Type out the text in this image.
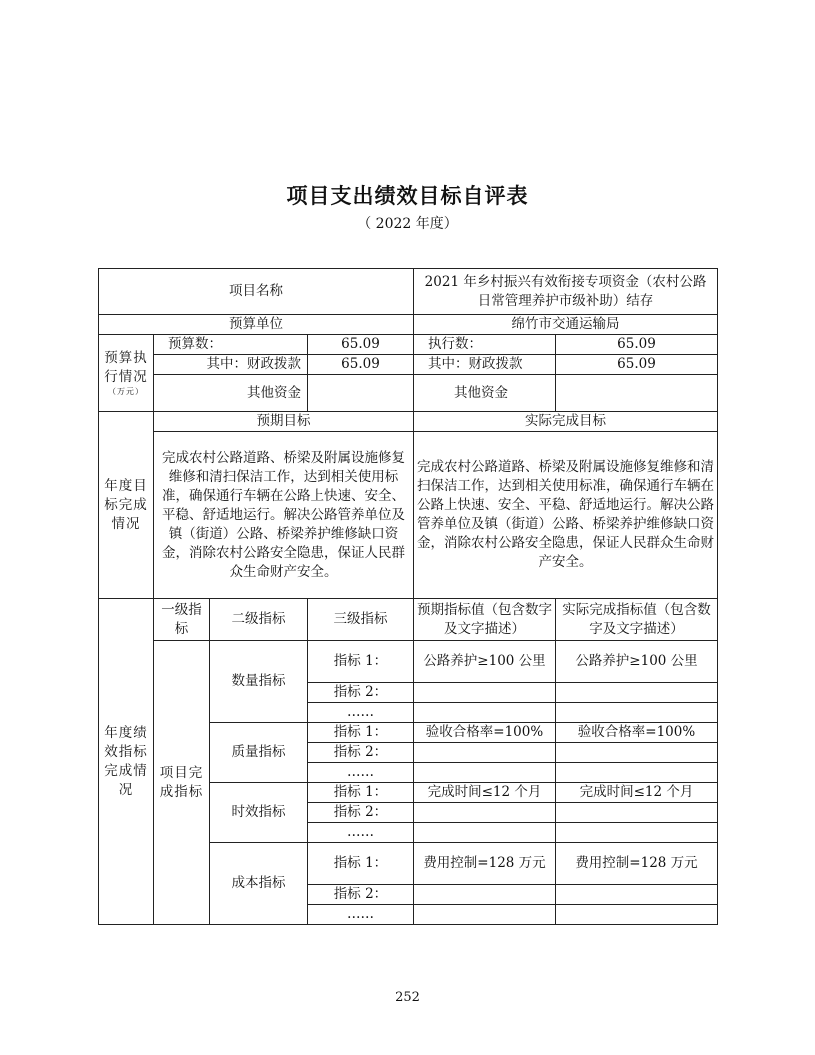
项目支出绩效目标自评表
（ 2022 年度）
项目名称				2021 年乡村振兴有效衔接专项资金（农村公路日常管理养护市级补助）结存	
预算单位				绵竹市交通运输局	
预算执行情况
（万元）	预算数：		65.09	执行数：	65.09
	其中：财政拨款		65.09	其中：财政拨款	65.09
	其他资金			其他资金	
年度目标完成情况	预期目标			实际完成目标	
	完成农村公路道路、桥梁及附属设施修复维修和清扫保洁工作，达到相关使用标准，确保通行车辆在公路上快速、安全、平稳、舒适地运行。解决公路管养单位及镇（街道）公路、桥梁养护维修缺口资金，消除农村公路安全隐患，保证人民群众生命财产安全。			完成农村公路道路、桥梁及附属设施修复维修和清扫保洁工作，达到相关使用标准，确保通行车辆在公路上快速、安全、平稳、舒适地运行。解决公路管养单位及镇（街道）公路、桥梁养护维修缺口资金，消除农村公路安全隐患，保证人民群众生命财产安全。	
年度绩效指标完成情况	一级指标	二级指标	三级指标	预期指标值（包含数字及文字描述）	实际完成指标值（包含数字及文字描述）
	项目完成指标	数量指标	指标 1：	公路养护≥100 公里	公路养护≥100 公里
			指标 2：		
			……		
		质量指标	指标 1：	验收合格率=100%	验收合格率=100%
			指标 2：		
			……		
		时效指标	指标 1：	完成时间≤12 个月	完成时间≤12 个月
			指标 2：		
			……		
		成本指标	指标 1：	费用控制=128 万元	费用控制=128 万元
			指标 2：		
			……		
252
